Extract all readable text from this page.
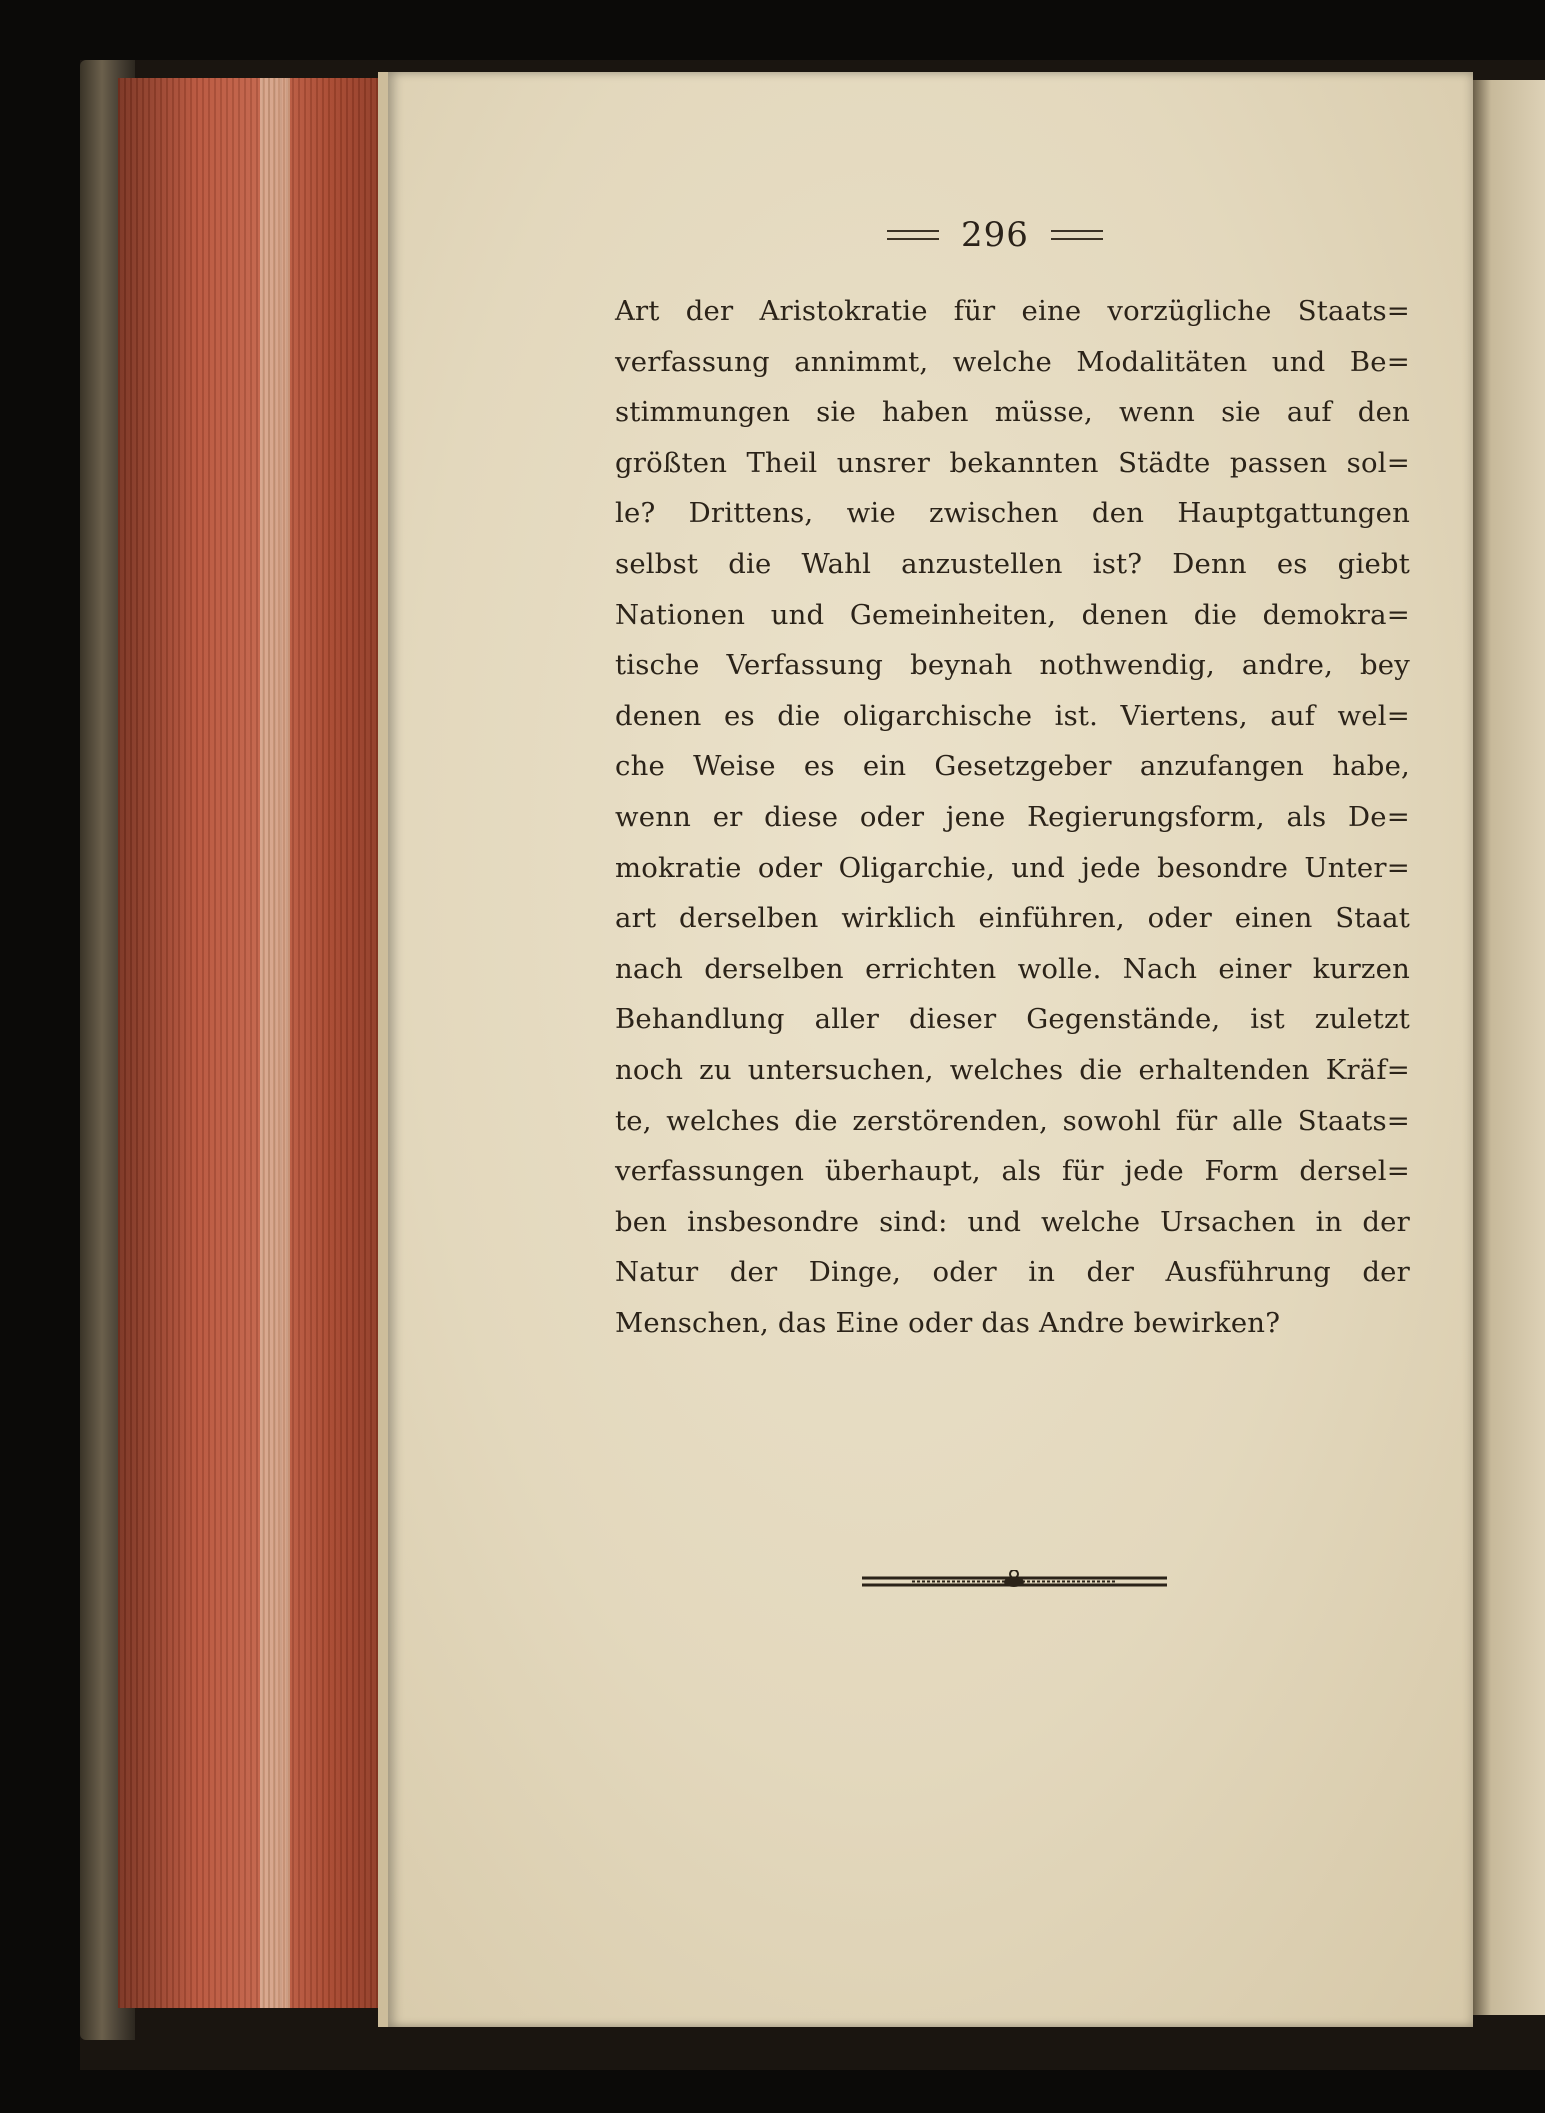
296
Art der Aristokratie für eine vorzügliche Staats=
verfassung annimmt, welche Modalitäten und Be=
stimmungen sie haben müsse, wenn sie auf den
größten Theil unsrer bekannten Städte passen sol=
le? Drittens, wie zwischen den Hauptgattungen
selbst die Wahl anzustellen ist? Denn es giebt
Nationen und Gemeinheiten, denen die demokra=
tische Verfassung beynah nothwendig, andre, bey
denen es die oligarchische ist. Viertens, auf wel=
che Weise es ein Gesetzgeber anzufangen habe,
wenn er diese oder jene Regierungsform, als De=
mokratie oder Oligarchie, und jede besondre Unter=
art derselben wirklich einführen, oder einen Staat
nach derselben errichten wolle. Nach einer kurzen
Behandlung aller dieser Gegenstände, ist zuletzt
noch zu untersuchen, welches die erhaltenden Kräf=
te, welches die zerstörenden, sowohl für alle Staats=
verfassungen überhaupt, als für jede Form dersel=
ben insbesondre sind: und welche Ursachen in der
Natur der Dinge, oder in der Ausführung der
Menschen, das Eine oder das Andre bewirken?
